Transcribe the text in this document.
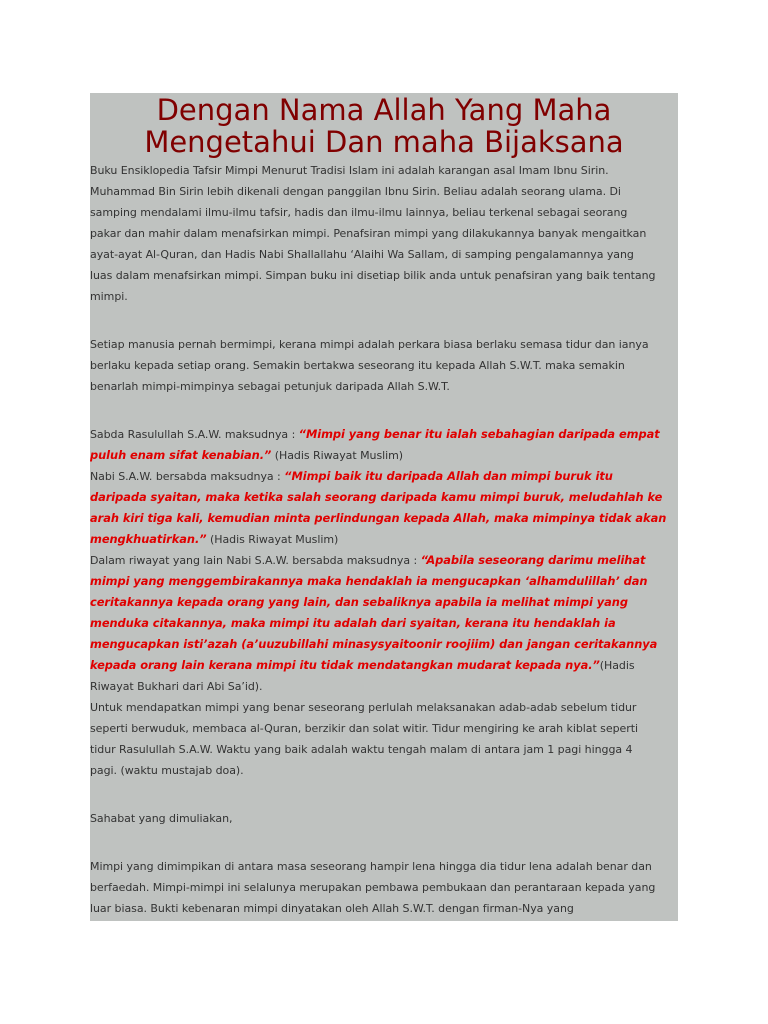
Dengan Nama Allah Yang Maha
Mengetahui Dan maha Bijaksana

Buku Ensiklopedia Tafsir Mimpi Menurut Tradisi Islam ini adalah karangan asal Imam Ibnu Sirin.
Muhammad Bin Sirin lebih dikenali dengan panggilan Ibnu Sirin. Beliau adalah seorang ulama. Di
samping mendalami ilmu-ilmu tafsir, hadis dan ilmu-ilmu lainnya, beliau terkenal sebagai seorang
pakar dan mahir dalam menafsirkan mimpi. Penafsiran mimpi yang dilakukannya banyak mengaitkan
ayat-ayat Al-Quran, dan Hadis Nabi Shallallahu ‘Alaihi Wa Sallam, di samping pengalamannya yang
luas dalam menafsirkan mimpi. Simpan buku ini disetiap bilik anda untuk penafsiran yang baik tentang
mimpi.

Setiap manusia pernah bermimpi, kerana mimpi adalah perkara biasa berlaku semasa tidur dan ianya
berlaku kepada setiap orang. Semakin bertakwa seseorang itu kepada Allah S.W.T. maka semakin
benarlah mimpi-mimpinya sebagai petunjuk daripada Allah S.W.T.

Sabda Rasulullah S.A.W. maksudnya : “Mimpi yang benar itu ialah sebahagian daripada empat
puluh enam sifat kenabian.” (Hadis Riwayat Muslim)

Nabi S.A.W. bersabda maksudnya : “Mimpi baik itu daripada Allah dan mimpi buruk itu
daripada syaitan, maka ketika salah seorang daripada kamu mimpi buruk, meludahlah ke
arah kiri tiga kali, kemudian minta perlindungan kepada Allah, maka mimpinya tidak akan
mengkhuatirkan.” (Hadis Riwayat Muslim)

Dalam riwayat yang lain Nabi S.A.W. bersabda maksudnya : “Apabila seseorang darimu melihat
mimpi yang menggembirakannya maka hendaklah ia mengucapkan ‘alhamdulillah’ dan
ceritakannya kepada orang yang lain, dan sebaliknya apabila ia melihat mimpi yang
menduka citakannya, maka mimpi itu adalah dari syaitan, kerana itu hendaklah ia
mengucapkan isti’azah (a’uuzubillahi minasysyaitoonir roojiim) dan jangan ceritakannya
kepada orang lain kerana mimpi itu tidak mendatangkan mudarat kepada nya.”(Hadis
Riwayat Bukhari dari Abi Sa’id).

Untuk mendapatkan mimpi yang benar seseorang perlulah melaksanakan adab-adab sebelum tidur
seperti berwuduk, membaca al-Quran, berzikir dan solat witir. Tidur mengiring ke arah kiblat seperti
tidur Rasulullah S.A.W. Waktu yang baik adalah waktu tengah malam di antara jam 1 pagi hingga 4
pagi. (waktu mustajab doa).

Sahabat yang dimuliakan,

Mimpi yang dimimpikan di antara masa seseorang hampir lena hingga dia tidur lena adalah benar dan
berfaedah. Mimpi-mimpi ini selalunya merupakan pembawa pembukaan dan perantaraan kepada yang
luar biasa. Bukti kebenaran mimpi dinyatakan oleh Allah S.W.T. dengan firman-Nya yang
